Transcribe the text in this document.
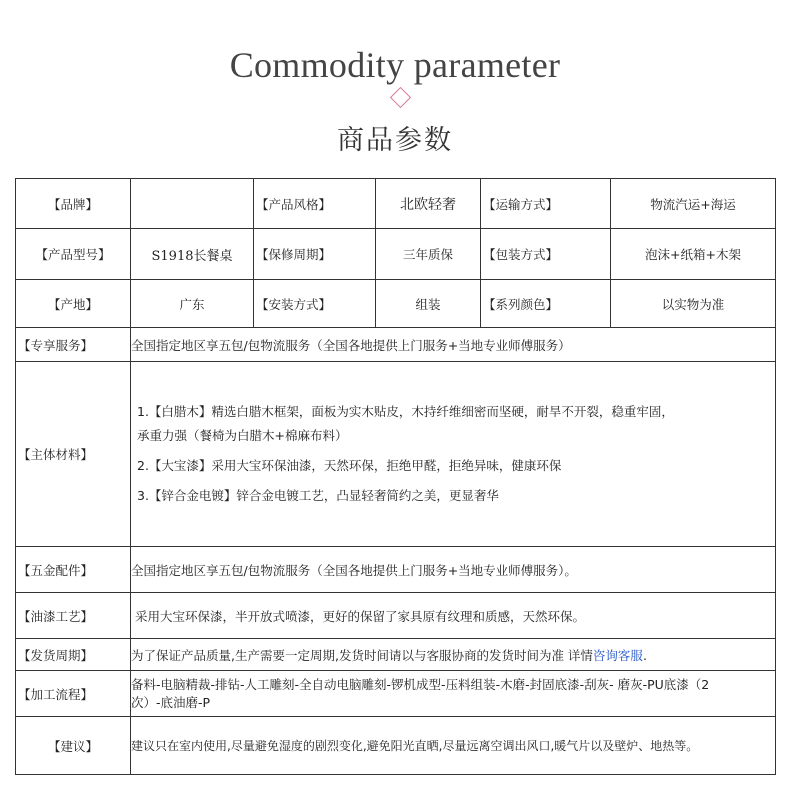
Commodity parameter
商品参数
【品牌】		【产品风格】	北欧轻奢	【运输方式】	物流汽运+海运
【产品型号】	S1918长餐桌	【保修周期】	三年质保	【包装方式】	泡沫+纸箱+木架
【产地】	广东	【安装方式】	组装	【系列颜色】	以实物为准
【专享服务】	全国指定地区享五包/包物流服务（全国各地提供上门服务+当地专业师傅服务）				
【主体材料】	1.【白腊木】精选白腊木框架，面板为实木贴皮，木持纤维细密而坚硬，耐旱不开裂，稳重牢固，

承重力强（餐椅为白腊木+棉麻布料）

2.【大宝漆】采用大宝环保油漆，天然环保，拒绝甲醛，拒绝异味，健康环保

3.【锌合金电镀】锌合金电镀工艺，凸显轻奢简约之美，更显奢华				

【五金配件】	全国指定地区享五包/包物流服务（全国各地提供上门服务+当地专业师傅服务）。				
【油漆工艺】	采用大宝环保漆，半开放式喷漆，更好的保留了家具原有纹理和质感，天然环保。				
【发货周期】	为了保证产品质量,生产需要一定周期,发货时间请以与客服协商的发货时间为准 详情咨询客服.				
【加工流程】	备料-电脑精裁-排钻-人工雕刻-全自动电脑雕刻-锣机成型-压料组装-木磨-封固底漆-刮灰- 磨灰-PU底漆（2
次）-底油磨-P				

【建议】	建议只在室内使用,尽量避免湿度的剧烈变化,避免阳光直晒,尽量远离空调出风口,暖气片以及壁炉、地热等。				
